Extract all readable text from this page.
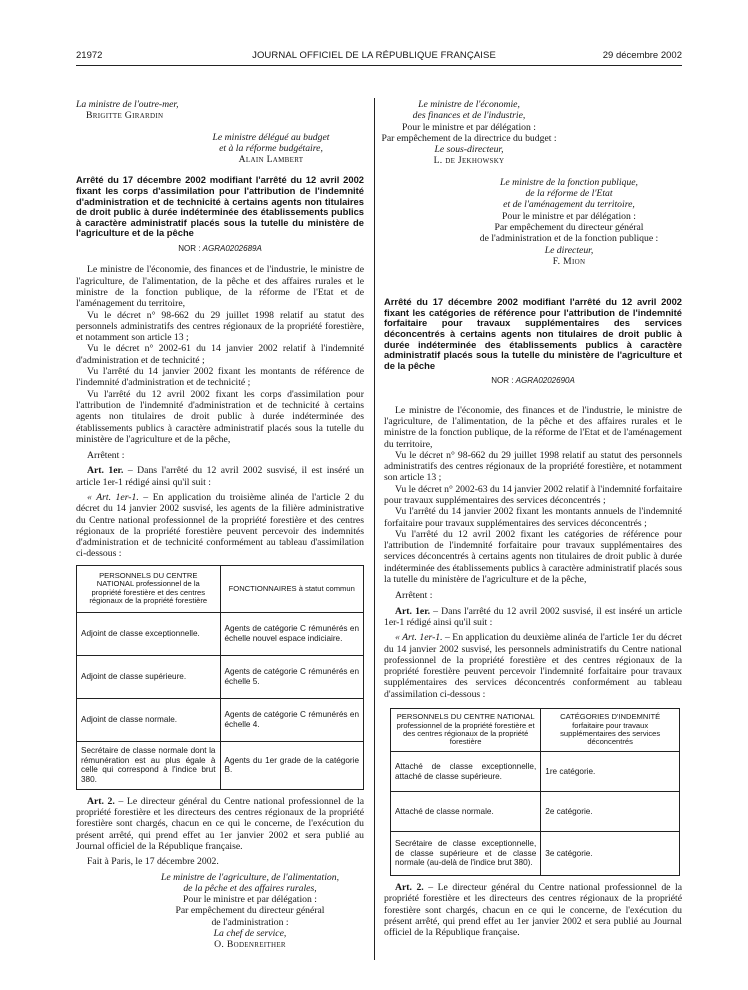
21972	JOURNAL OFFICIEL DE LA RÉPUBLIQUE FRANÇAISE	29 décembre 2002
La ministre de l'outre-mer,
Brigitte Girardin
Le ministre délégué au budget
et à la réforme budgétaire,
Alain Lambert
Arrêté du 17 décembre 2002 modifiant l'arrêté du 12 avril 2002 fixant les corps d'assimilation pour l'attribution de l'indemnité d'administration et de technicité à certains agents non titulaires de droit public à durée indéterminée des établissements publics à caractère administratif placés sous la tutelle du ministère de l'agriculture et de la pêche
NOR : AGRA0202689A

Le ministre de l'économie, des finances et de l'industrie, le ministre de l'agriculture, de l'alimentation, de la pêche et des affaires rurales et le ministre de la fonction publique, de la réforme de l'Etat et de l'aménagement du territoire,

Vu le décret n° 98-662 du 29 juillet 1998 relatif au statut des personnels administratifs des centres régionaux de la propriété forestière, et notamment son article 13 ;

Vu le décret n° 2002-61 du 14 janvier 2002 relatif à l'indemnité d'administration et de technicité ;

Vu l'arrêté du 14 janvier 2002 fixant les montants de référence de l'indemnité d'administration et de technicité ;

Vu l'arrêté du 12 avril 2002 fixant les corps d'assimilation pour l'attribution de l'indemnité d'administration et de technicité à certains agents non titulaires de droit public à durée indéterminée des établissements publics à caractère administratif placés sous la tutelle du ministère de l'agriculture et de la pêche,

Arrêtent :

Art. 1er. – Dans l'arrêté du 12 avril 2002 susvisé, il est inséré un article 1er-1 rédigé ainsi qu'il suit :

« Art. 1er-1. – En application du troisième alinéa de l'article 2 du décret du 14 janvier 2002 susvisé, les agents de la filière administrative du Centre national professionnel de la propriété forestière et des centres régionaux de la propriété forestière peuvent percevoir des indemnités d'administration et de technicité conformément au tableau d'assimilation ci-dessous :

PERSONNELS DU CENTRE NATIONAL professionnel de la propriété forestière et des centres régionaux de la propriété forestière	FONCTIONNAIRES à statut commun
Adjoint de classe exceptionnelle.	Agents de catégorie C rémunérés en échelle nouvel espace indiciaire.
Adjoint de classe supérieure.	Agents de catégorie C rémunérés en échelle 5.
Adjoint de classe normale.	Agents de catégorie C rémunérés en échelle 4.
Secrétaire de classe normale dont la rémunération est au plus égale à celle qui correspond à l'indice brut 380.	Agents du 1er grade de la catégorie B.

Art. 2. – Le directeur général du Centre national professionnel de la propriété forestière et les directeurs des centres régionaux de la propriété forestière sont chargés, chacun en ce qui le concerne, de l'exécution du présent arrêté, qui prend effet au 1er janvier 2002 et sera publié au Journal officiel de la République française.

Fait à Paris, le 17 décembre 2002.

Le ministre de l'agriculture, de l'alimentation,
de la pêche et des affaires rurales,
Pour le ministre et par délégation :
Par empêchement du directeur général
de l'administration :
La chef de service,
O. Bodenreither
Le ministre de l'économie,
des finances et de l'industrie,
Pour le ministre et par délégation :
Par empêchement de la directrice du budget :
Le sous-directeur,
L. de Jekhowsky
Le ministre de la fonction publique,
de la réforme de l'Etat
et de l'aménagement du territoire,
Pour le ministre et par délégation :
Par empêchement du directeur général
de l'administration et de la fonction publique :
Le directeur,
F. Mion
Arrêté du 17 décembre 2002 modifiant l'arrêté du 12 avril 2002 fixant les catégories de référence pour l'attribution de l'indemnité forfaitaire pour travaux supplémentaires des services déconcentrés à certains agents non titulaires de droit public à durée indéterminée des établissements publics à caractère administratif placés sous la tutelle du ministère de l'agriculture et de la pêche
NOR : AGRA0202690A

Le ministre de l'économie, des finances et de l'industrie, le ministre de l'agriculture, de l'alimentation, de la pêche et des affaires rurales et le ministre de la fonction publique, de la réforme de l'Etat et de l'aménagement du territoire,

Vu le décret n° 98-662 du 29 juillet 1998 relatif au statut des personnels administratifs des centres régionaux de la propriété forestière, et notamment son article 13 ;

Vu le décret n° 2002-63 du 14 janvier 2002 relatif à l'indemnité forfaitaire pour travaux supplémentaires des services déconcentrés ;

Vu l'arrêté du 14 janvier 2002 fixant les montants annuels de l'indemnité forfaitaire pour travaux supplémentaires des services déconcentrés ;

Vu l'arrêté du 12 avril 2002 fixant les catégories de référence pour l'attribution de l'indemnité forfaitaire pour travaux supplémentaires des services déconcentrés à certains agents non titulaires de droit public à durée indéterminée des établissements publics à caractère administratif placés sous la tutelle du ministère de l'agriculture et de la pêche,

Arrêtent :

Art. 1er. – Dans l'arrêté du 12 avril 2002 susvisé, il est inséré un article 1er-1 rédigé ainsi qu'il suit :

« Art. 1er-1. – En application du deuxième alinéa de l'article 1er du décret du 14 janvier 2002 susvisé, les personnels administratifs du Centre national professionnel de la propriété forestière et des centres régionaux de la propriété forestière peuvent percevoir l'indemnité forfaitaire pour travaux supplémentaires des services déconcentrés conformément au tableau d'assimilation ci-dessous :

PERSONNELS DU CENTRE NATIONAL professionnel de la propriété forestière et des centres régionaux de la propriété forestière	CATÉGORIES D'INDEMNITÉ forfaitaire pour travaux supplémentaires des services déconcentrés
Attaché de classe exceptionnelle, attaché de classe supérieure.	1re catégorie.
Attaché de classe normale.	2e catégorie.
Secrétaire de classe exceptionnelle, de classe supérieure et de classe normale (au-delà de l'indice brut 380).	3e catégorie.

Art. 2. – Le directeur général du Centre national professionnel de la propriété forestière et les directeurs des centres régionaux de la propriété forestière sont chargés, chacun en ce qui le concerne, de l'exécution du présent arrêté, qui prend effet au 1er janvier 2002 et sera publié au Journal officiel de la République française.
